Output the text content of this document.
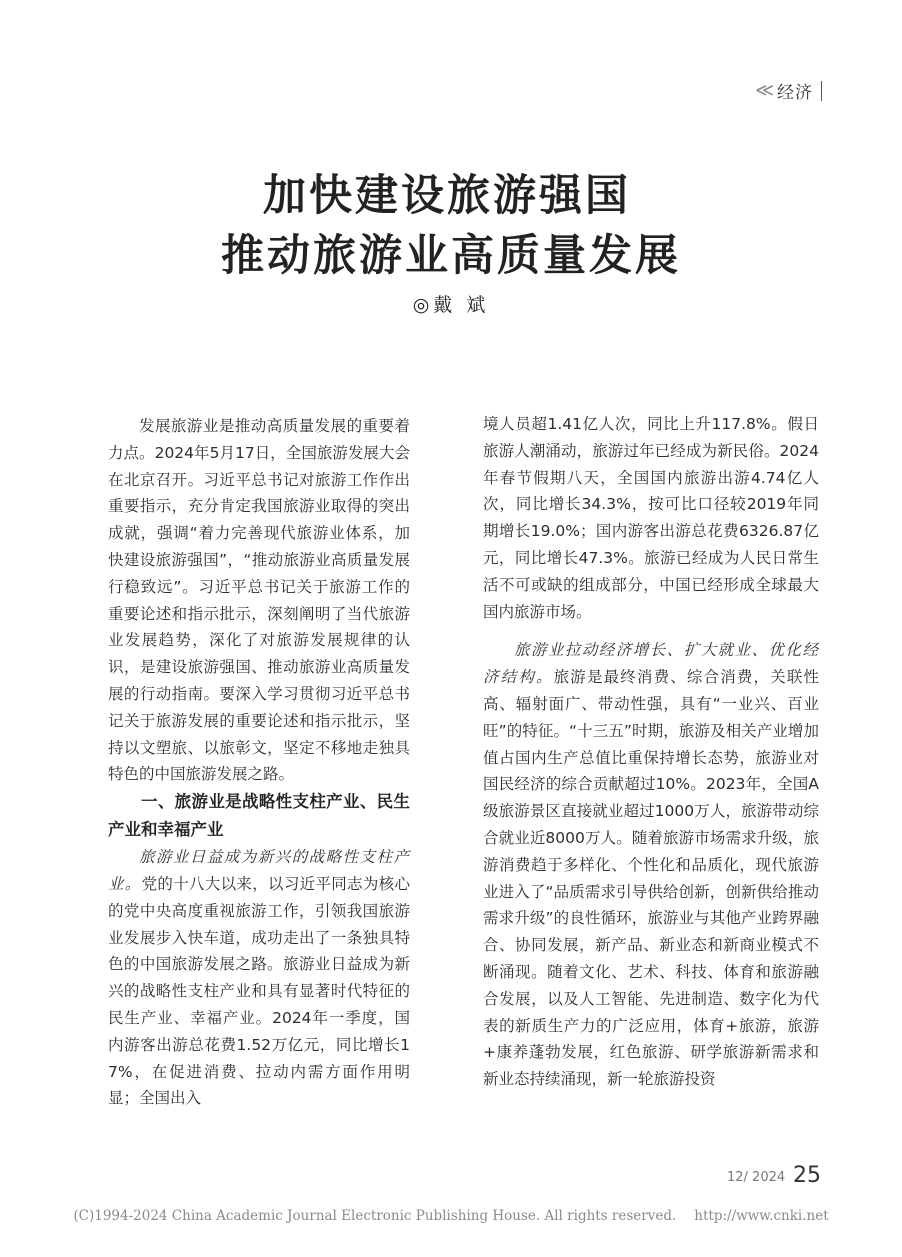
≪ 经济
加快建设旅游强国
推动旅游业高质量发展
◎戴 斌

发展旅游业是推动高质量发展的重要着力点。2024年5月17日，全国旅游发展大会在北京召开。习近平总书记对旅游工作作出重要指示，充分肯定我国旅游业取得的突出成就，强调“着力完善现代旅游业体系，加快建设旅游强国”，“推动旅游业高质量发展行稳致远”。习近平总书记关于旅游工作的重要论述和指示批示，深刻阐明了当代旅游业发展趋势，深化了对旅游发展规律的认识，是建设旅游强国、推动旅游业高质量发展的行动指南。要深入学习贯彻习近平总书记关于旅游发展的重要论述和指示批示，坚持以文塑旅、以旅彰文，坚定不移地走独具特色的中国旅游发展之路。

一、旅游业是战略性支柱产业、民生产业和幸福产业

旅游业日益成为新兴的战略性支柱产业。党的十八大以来，以习近平同志为核心的党中央高度重视旅游工作，引领我国旅游业发展步入快车道，成功走出了一条独具特色的中国旅游发展之路。旅游业日益成为新兴的战略性支柱产业和具有显著时代特征的民生产业、幸福产业。2024年一季度，国内游客出游总花费1.52万亿元，同比增长17%，在促进消费、拉动内需方面作用明显；全国出入

境人员超1.41亿人次，同比上升117.8%。假日旅游人潮涌动，旅游过年已经成为新民俗。2024年春节假期八天，全国国内旅游出游4.74亿人次，同比增长34.3%，按可比口径较2019年同期增长19.0%；国内游客出游总花费6326.87亿元，同比增长47.3%。旅游已经成为人民日常生活不可或缺的组成部分，中国已经形成全球最大国内旅游市场。

旅游业拉动经济增长、扩大就业、优化经济结构。旅游是最终消费、综合消费，关联性高、辐射面广、带动性强，具有“一业兴、百业旺”的特征。“十三五”时期，旅游及相关产业增加值占国内生产总值比重保持增长态势，旅游业对国民经济的综合贡献超过10%。2023年，全国A级旅游景区直接就业超过1000万人，旅游带动综合就业近8000万人。随着旅游市场需求升级，旅游消费趋于多样化、个性化和品质化，现代旅游业进入了“品质需求引导供给创新，创新供给推动需求升级”的良性循环，旅游业与其他产业跨界融合、协同发展，新产品、新业态和新商业模式不断涌现。随着文化、艺术、科技、体育和旅游融合发展，以及人工智能、先进制造、数字化为代表的新质生产力的广泛应用，体育+旅游，旅游+康养蓬勃发展，红色旅游、研学旅游新需求和新业态持续涌现，新一轮旅游投资

12/ 2024 25
(C)1994-2024 China Academic Journal Electronic Publishing House. All rights reserved. http://www.cnki.net
